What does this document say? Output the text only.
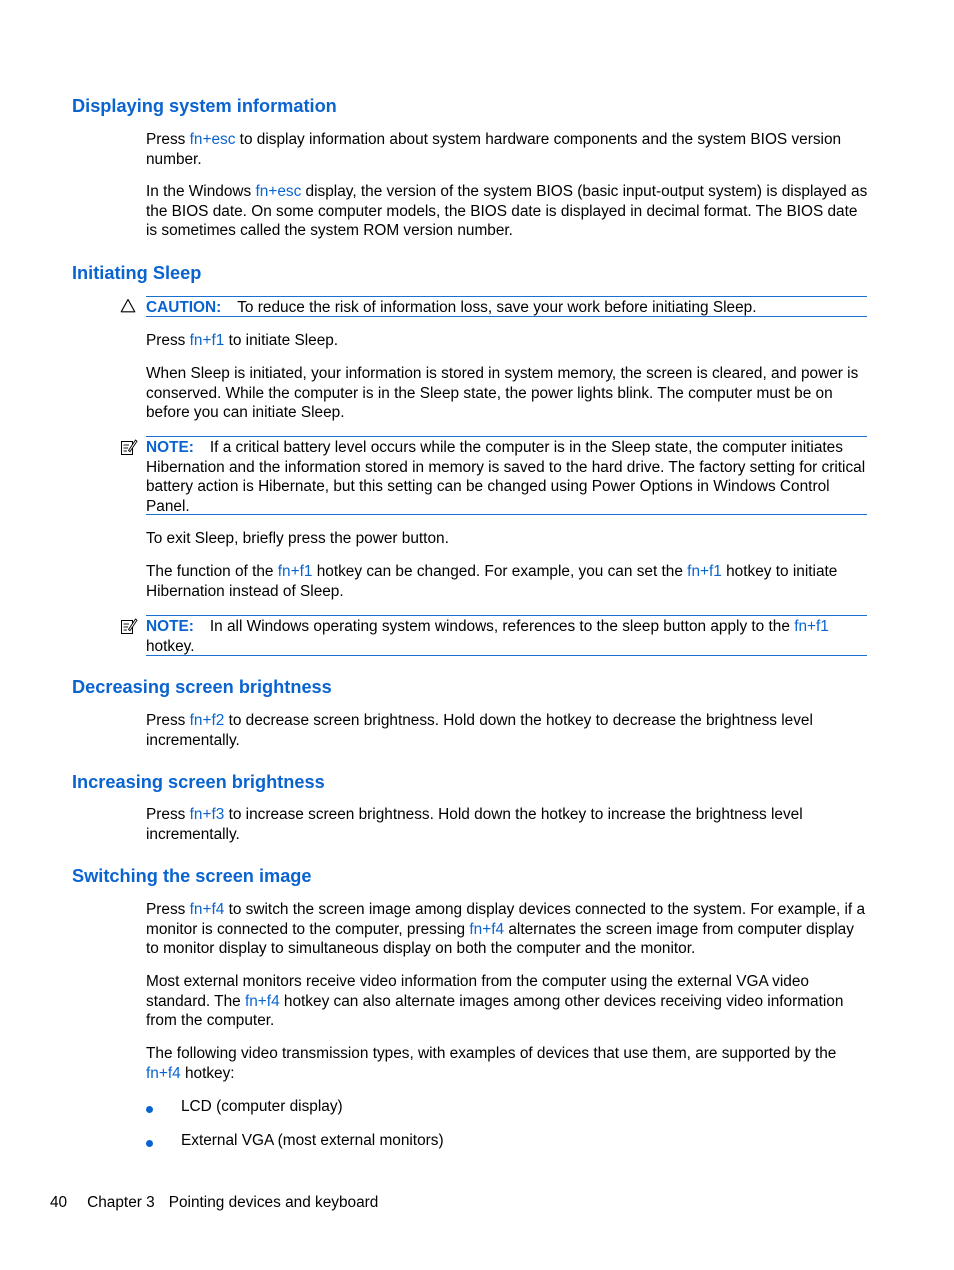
Displaying system information

Press fn+esc to display information about system hardware components and the system BIOS version number.

In the Windows fn+esc display, the version of the system BIOS (basic input-output system) is displayed as the BIOS date. On some computer models, the BIOS date is displayed in decimal format. The BIOS date is sometimes called the system ROM version number.

Initiating Sleep
CAUTION: To reduce the risk of information loss, save your work before initiating Sleep.

Press fn+f1 to initiate Sleep.

When Sleep is initiated, your information is stored in system memory, the screen is cleared, and power is conserved. While the computer is in the Sleep state, the power lights blink. The computer must be on before you can initiate Sleep.

NOTE: If a critical battery level occurs while the computer is in the Sleep state, the computer initiates Hibernation and the information stored in memory is saved to the hard drive. The factory setting for critical battery action is Hibernate, but this setting can be changed using Power Options in Windows Control Panel.

To exit Sleep, briefly press the power button.

The function of the fn+f1 hotkey can be changed. For example, you can set the fn+f1 hotkey to initiate Hibernation instead of Sleep.

NOTE: In all Windows operating system windows, references to the sleep button apply to the fn+f1 hotkey.
Decreasing screen brightness

Press fn+f2 to decrease screen brightness. Hold down the hotkey to decrease the brightness level incrementally.

Increasing screen brightness

Press fn+f3 to increase screen brightness. Hold down the hotkey to increase the brightness level incrementally.

Switching the screen image

Press fn+f4 to switch the screen image among display devices connected to the system. For example, if a monitor is connected to the computer, pressing fn+f4 alternates the screen image from computer display to monitor display to simultaneous display on both the computer and the monitor.

Most external monitors receive video information from the computer using the external VGA video standard. The fn+f4 hotkey can also alternate images among other devices receiving video information from the computer.

The following video transmission types, with examples of devices that use them, are supported by the fn+f4 hotkey:

LCD (computer display)
External VGA (most external monitors)
40 Chapter 3 Pointing devices and keyboard
